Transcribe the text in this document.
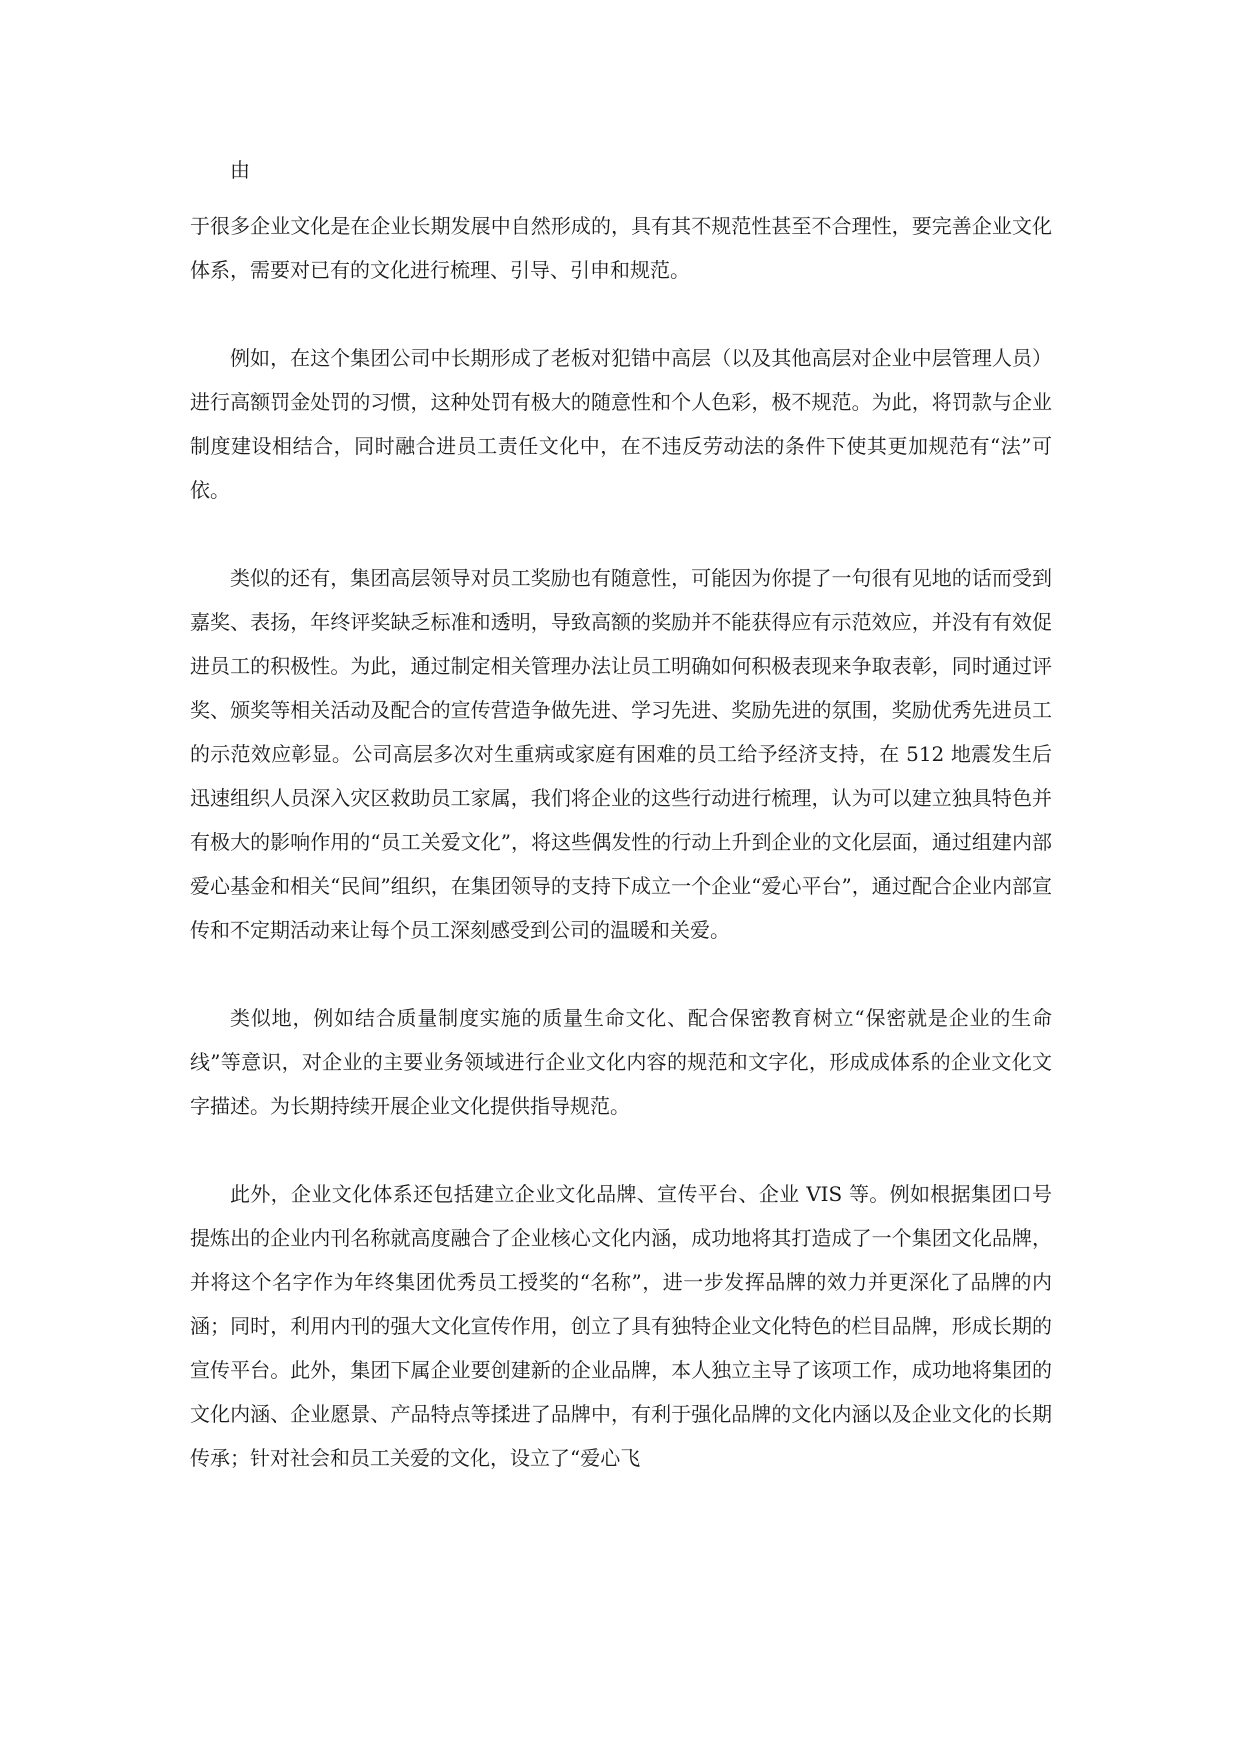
由

于很多企业文化是在企业长期发展中自然形成的，具有其不规范性甚至不合理性，要完善企业文化体系，需要对已有的文化进行梳理、引导、引申和规范。

例如，在这个集团公司中长期形成了老板对犯错中高层（以及其他高层对企业中层管理人员）进行高额罚金处罚的习惯，这种处罚有极大的随意性和个人色彩，极不规范。为此，将罚款与企业制度建设相结合，同时融合进员工责任文化中，在不违反劳动法的条件下使其更加规范有“法”可依。

类似的还有，集团高层领导对员工奖励也有随意性，可能因为你提了一句很有见地的话而受到嘉奖、表扬，年终评奖缺乏标准和透明，导致高额的奖励并不能获得应有示范效应，并没有有效促进员工的积极性。为此，通过制定相关管理办法让员工明确如何积极表现来争取表彰，同时通过评奖、颁奖等相关活动及配合的宣传营造争做先进、学习先进、奖励先进的氛围，奖励优秀先进员工的示范效应彰显。公司高层多次对生重病或家庭有困难的员工给予经济支持，在 512 地震发生后迅速组织人员深入灾区救助员工家属，我们将企业的这些行动进行梳理，认为可以建立独具特色并有极大的影响作用的“员工关爱文化”，将这些偶发性的行动上升到企业的文化层面，通过组建内部爱心基金和相关“民间”组织，在集团领导的支持下成立一个企业“爱心平台”，通过配合企业内部宣传和不定期活动来让每个员工深刻感受到公司的温暖和关爱。

类似地，例如结合质量制度实施的质量生命文化、配合保密教育树立“保密就是企业的生命线”等意识，对企业的主要业务领域进行企业文化内容的规范和文字化，形成成体系的企业文化文字描述。为长期持续开展企业文化提供指导规范。

此外，企业文化体系还包括建立企业文化品牌、宣传平台、企业 VIS 等。例如根据集团口号提炼出的企业内刊名称就高度融合了企业核心文化内涵，成功地将其打造成了一个集团文化品牌，并将这个名字作为年终集团优秀员工授奖的“名称”，进一步发挥品牌的效力并更深化了品牌的内涵；同时，利用内刊的强大文化宣传作用，创立了具有独特企业文化特色的栏目品牌，形成长期的宣传平台。此外，集团下属企业要创建新的企业品牌，本人独立主导了该项工作，成功地将集团的文化内涵、企业愿景、产品特点等揉进了品牌中，有利于强化品牌的文化内涵以及企业文化的长期传承；针对社会和员工关爱的文化，设立了“爱心飞
